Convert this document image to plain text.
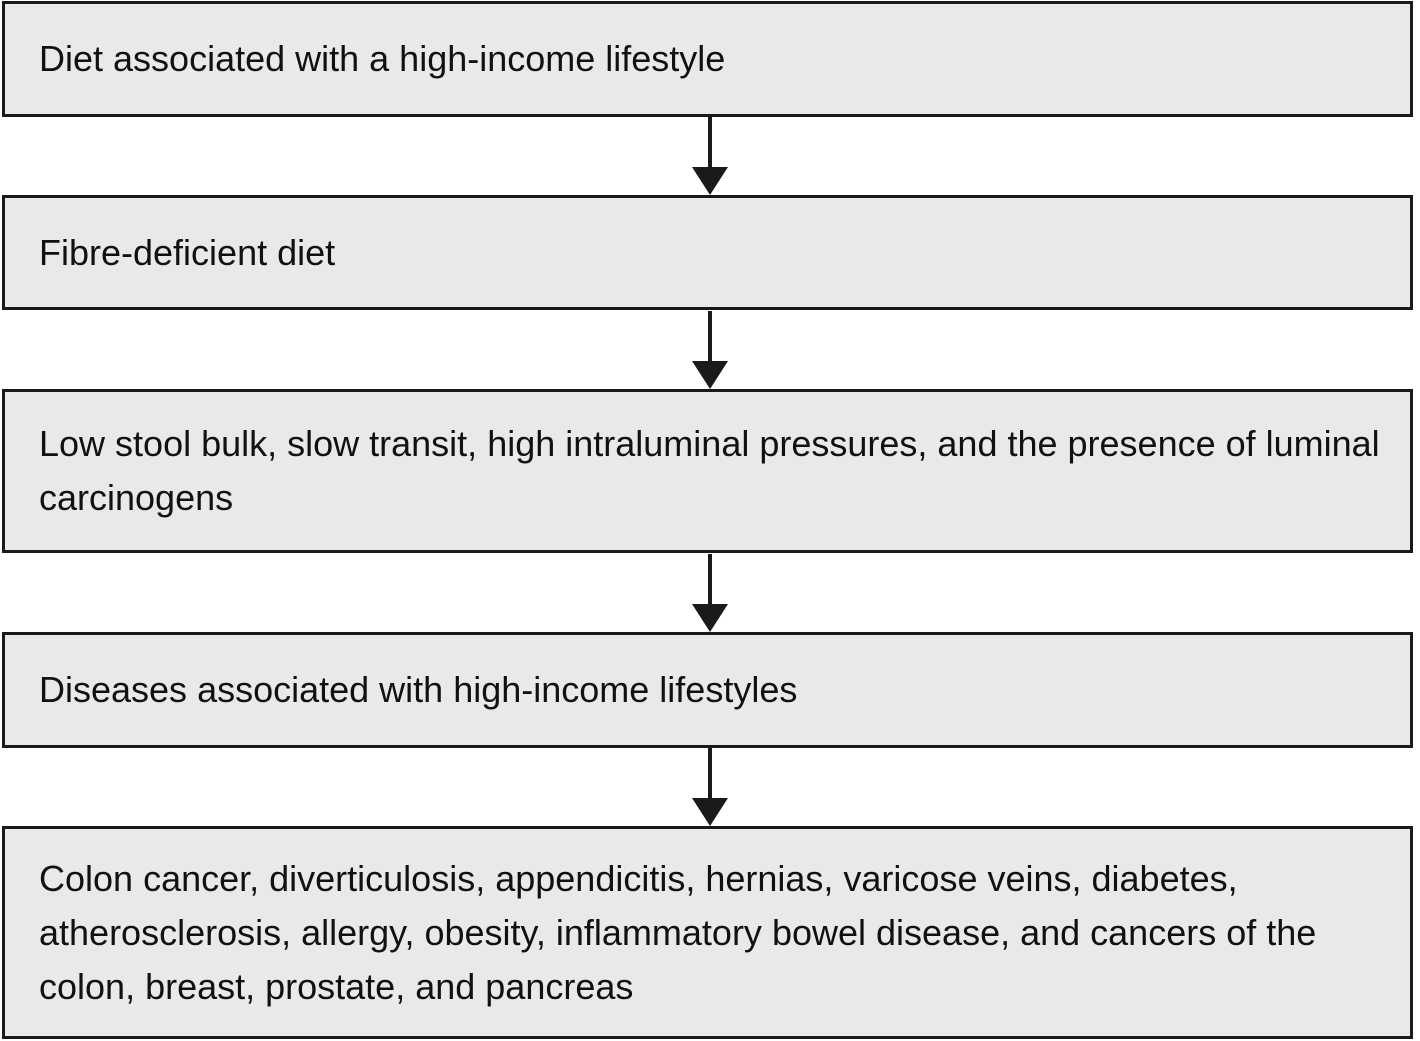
Diet associated with a high-income lifestyle
Fibre-deficient diet
Low stool bulk, slow transit, high intraluminal pressures, and the presence of luminal carcinogens
Diseases associated with high-income lifestyles
Colon cancer, diverticulosis, appendicitis, hernias, varicose veins, diabetes, atherosclerosis, allergy, obesity, inflammatory bowel disease, and cancers of the colon, breast, prostate, and pancreas
